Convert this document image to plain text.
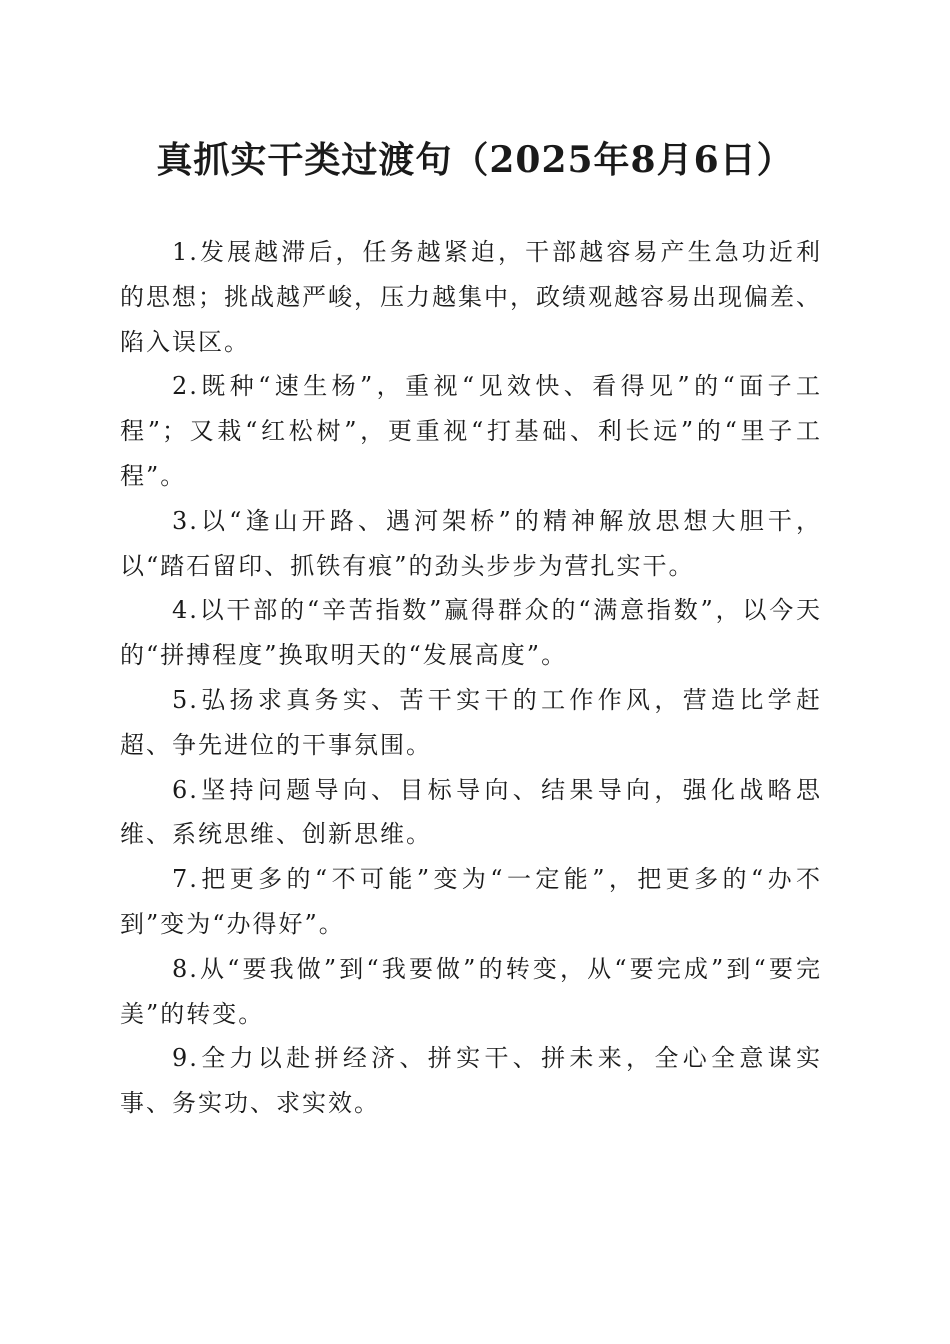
真抓实干类过渡句（2025年8月6日）

1.发展越滞后，任务越紧迫，干部越容易产生急功近利的思想；挑战越严峻，压力越集中，政绩观越容易出现偏差、陷入误区。

2.既种“速生杨”，重视“见效快、看得见”的“面子工程”；又栽“红松树”，更重视“打基础、利长远”的“里子工程”。

3.以“逢山开路、遇河架桥”的精神解放思想大胆干，以“踏石留印、抓铁有痕”的劲头步步为营扎实干。

4.以干部的“辛苦指数”赢得群众的“满意指数”，以今天的“拼搏程度”换取明天的“发展高度”。

5.弘扬求真务实、苦干实干的工作作风，营造比学赶超、争先进位的干事氛围。

6.坚持问题导向、目标导向、结果导向，强化战略思维、系统思维、创新思维。

7.把更多的“不可能”变为“一定能”，把更多的“办不到”变为“办得好”。

8.从“要我做”到“我要做”的转变，从“要完成”到“要完美”的转变。

9.全力以赴拼经济、拼实干、拼未来，全心全意谋实事、务实功、求实效。
